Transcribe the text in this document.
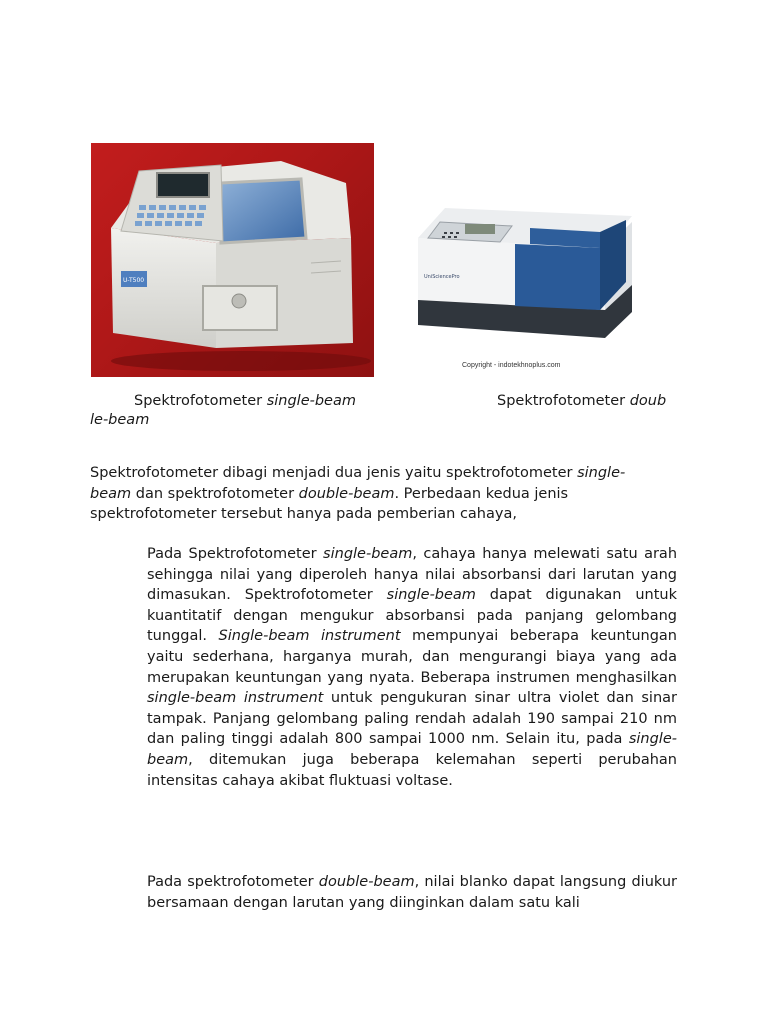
U-T500	UniSciencePro
Copyright - indotekhnoplus.com
Spektrofotometer single-beam	Spektrofotometer doub
le-beam
Spektrofotometer dibagi menjadi dua jenis yaitu spektrofotometer single-beam dan spektrofotometer double-beam. Perbedaan kedua jenis spektrofotometer tersebut hanya pada pemberian cahaya,
Pada Spektrofotometer single-beam, cahaya hanya melewati satu arah sehingga nilai yang diperoleh hanya nilai absorbansi dari larutan yang dimasukan. Spektrofotometer single-beam dapat digunakan untuk kuantitatif dengan mengukur absorbansi pada panjang gelombang tunggal. Single-beam instrument mempunyai beberapa keuntungan yaitu sederhana, harganya murah, dan mengurangi biaya yang ada merupakan keuntungan yang nyata. Beberapa instrumen menghasilkan single-beam instrument untuk pengukuran sinar ultra violet dan sinar tampak. Panjang gelombang paling rendah adalah 190 sampai 210 nm dan paling tinggi adalah 800 sampai 1000 nm. Selain itu, pada single-beam, ditemukan juga beberapa kelemahan seperti perubahan intensitas cahaya akibat fluktuasi voltase.
Pada spektrofotometer double-beam, nilai blanko dapat langsung diukur bersamaan dengan larutan yang diinginkan dalam satu kali
